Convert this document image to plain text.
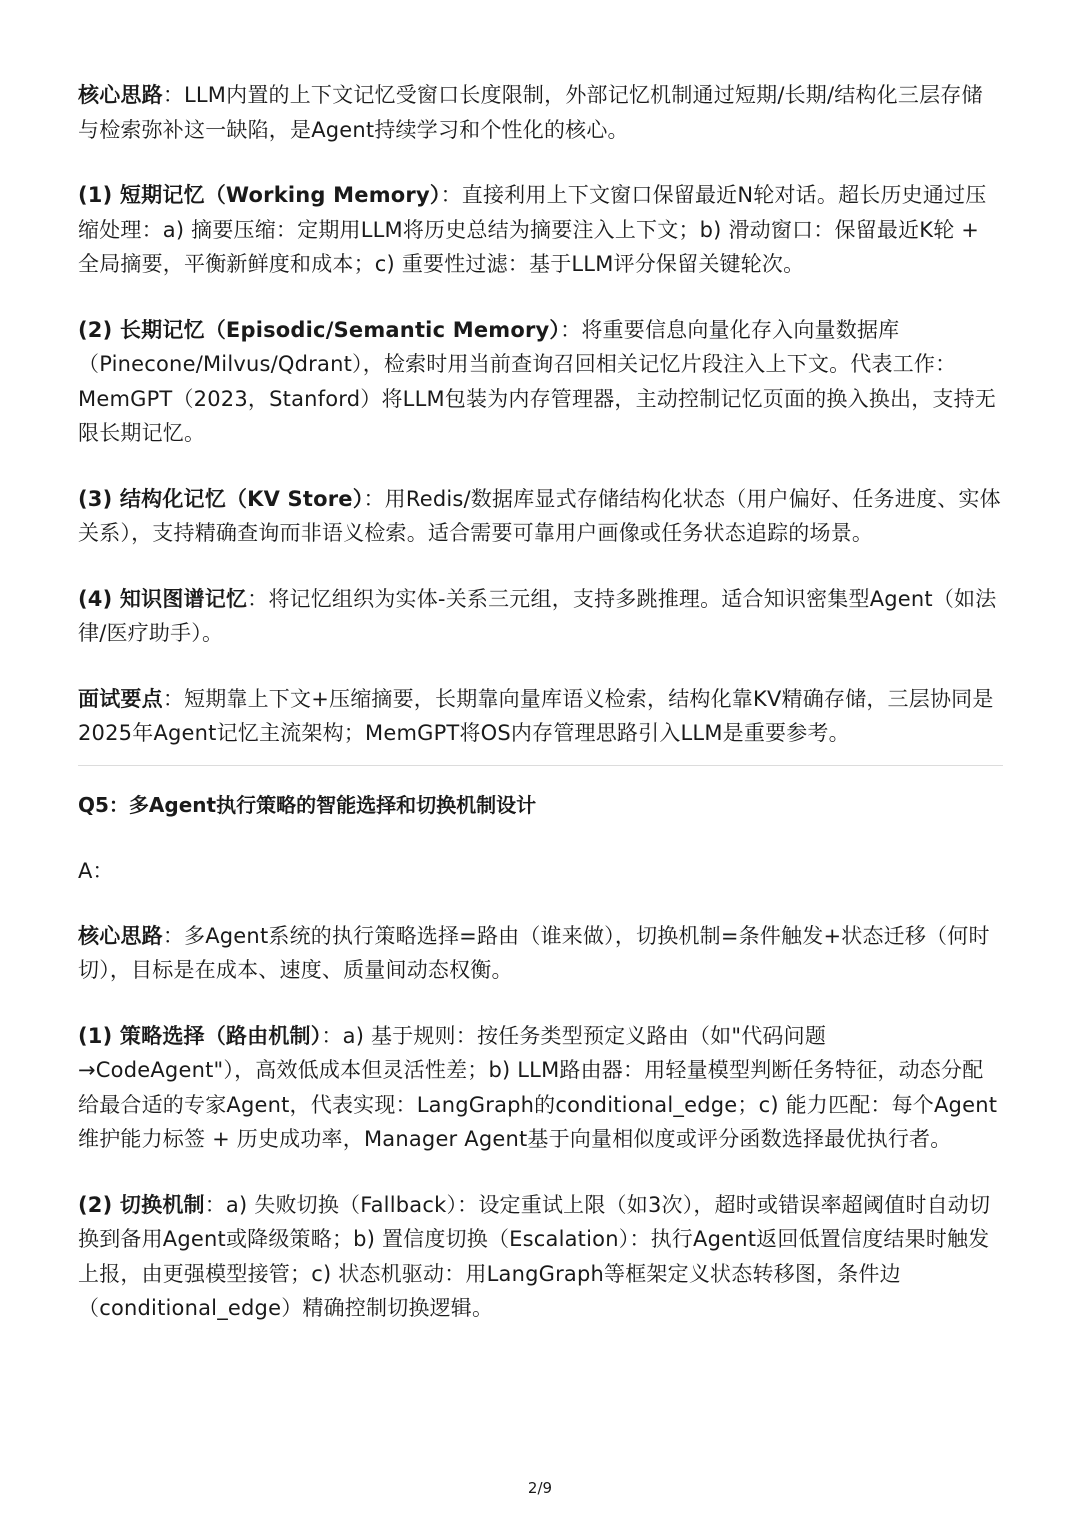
核心思路：LLM内置的上下文记忆受窗口长度限制，外部记忆机制通过短期/长期/结构化三层存储与检索弥补这一缺陷，是Agent持续学习和个性化的核心。

(1) 短期记忆（Working Memory）：直接利用上下文窗口保留最近N轮对话。超长历史通过压缩处理：a) 摘要压缩：定期用LLM将历史总结为摘要注入上下文；b) 滑动窗口：保留最近K轮 + 全局摘要，平衡新鲜度和成本；c) 重要性过滤：基于LLM评分保留关键轮次。

(2) 长期记忆（Episodic/Semantic Memory）：将重要信息向量化存入向量数据库（Pinecone/Milvus/Qdrant），检索时用当前查询召回相关记忆片段注入上下文。代表工作：MemGPT（2023，Stanford）将LLM包装为内存管理器，主动控制记忆页面的换入换出，支持无限长期记忆。

(3) 结构化记忆（KV Store）：用Redis/数据库显式存储结构化状态（用户偏好、任务进度、实体关系），支持精确查询而非语义检索。适合需要可靠用户画像或任务状态追踪的场景。

(4) 知识图谱记忆：将记忆组织为实体-关系三元组，支持多跳推理。适合知识密集型Agent（如法律/医疗助手）。

面试要点：短期靠上下文+压缩摘要，长期靠向量库语义检索，结构化靠KV精确存储，三层协同是2025年Agent记忆主流架构；MemGPT将OS内存管理思路引入LLM是重要参考。

Q5：多Agent执行策略的智能选择和切换机制设计

A：

核心思路：多Agent系统的执行策略选择=路由（谁来做），切换机制=条件触发+状态迁移（何时切），目标是在成本、速度、质量间动态权衡。

(1) 策略选择（路由机制）：a) 基于规则：按任务类型预定义路由（如"代码问题→CodeAgent"），高效低成本但灵活性差；b) LLM路由器：用轻量模型判断任务特征，动态分配给最合适的专家Agent，代表实现：LangGraph的conditional_edge；c) 能力匹配：每个Agent维护能力标签 + 历史成功率，Manager Agent基于向量相似度或评分函数选择最优执行者。

(2) 切换机制：a) 失败切换（Fallback）：设定重试上限（如3次），超时或错误率超阈值时自动切换到备用Agent或降级策略；b) 置信度切换（Escalation）：执行Agent返回低置信度结果时触发上报，由更强模型接管；c) 状态机驱动：用LangGraph等框架定义状态转移图，条件边（conditional_edge）精确控制切换逻辑。

2/9
